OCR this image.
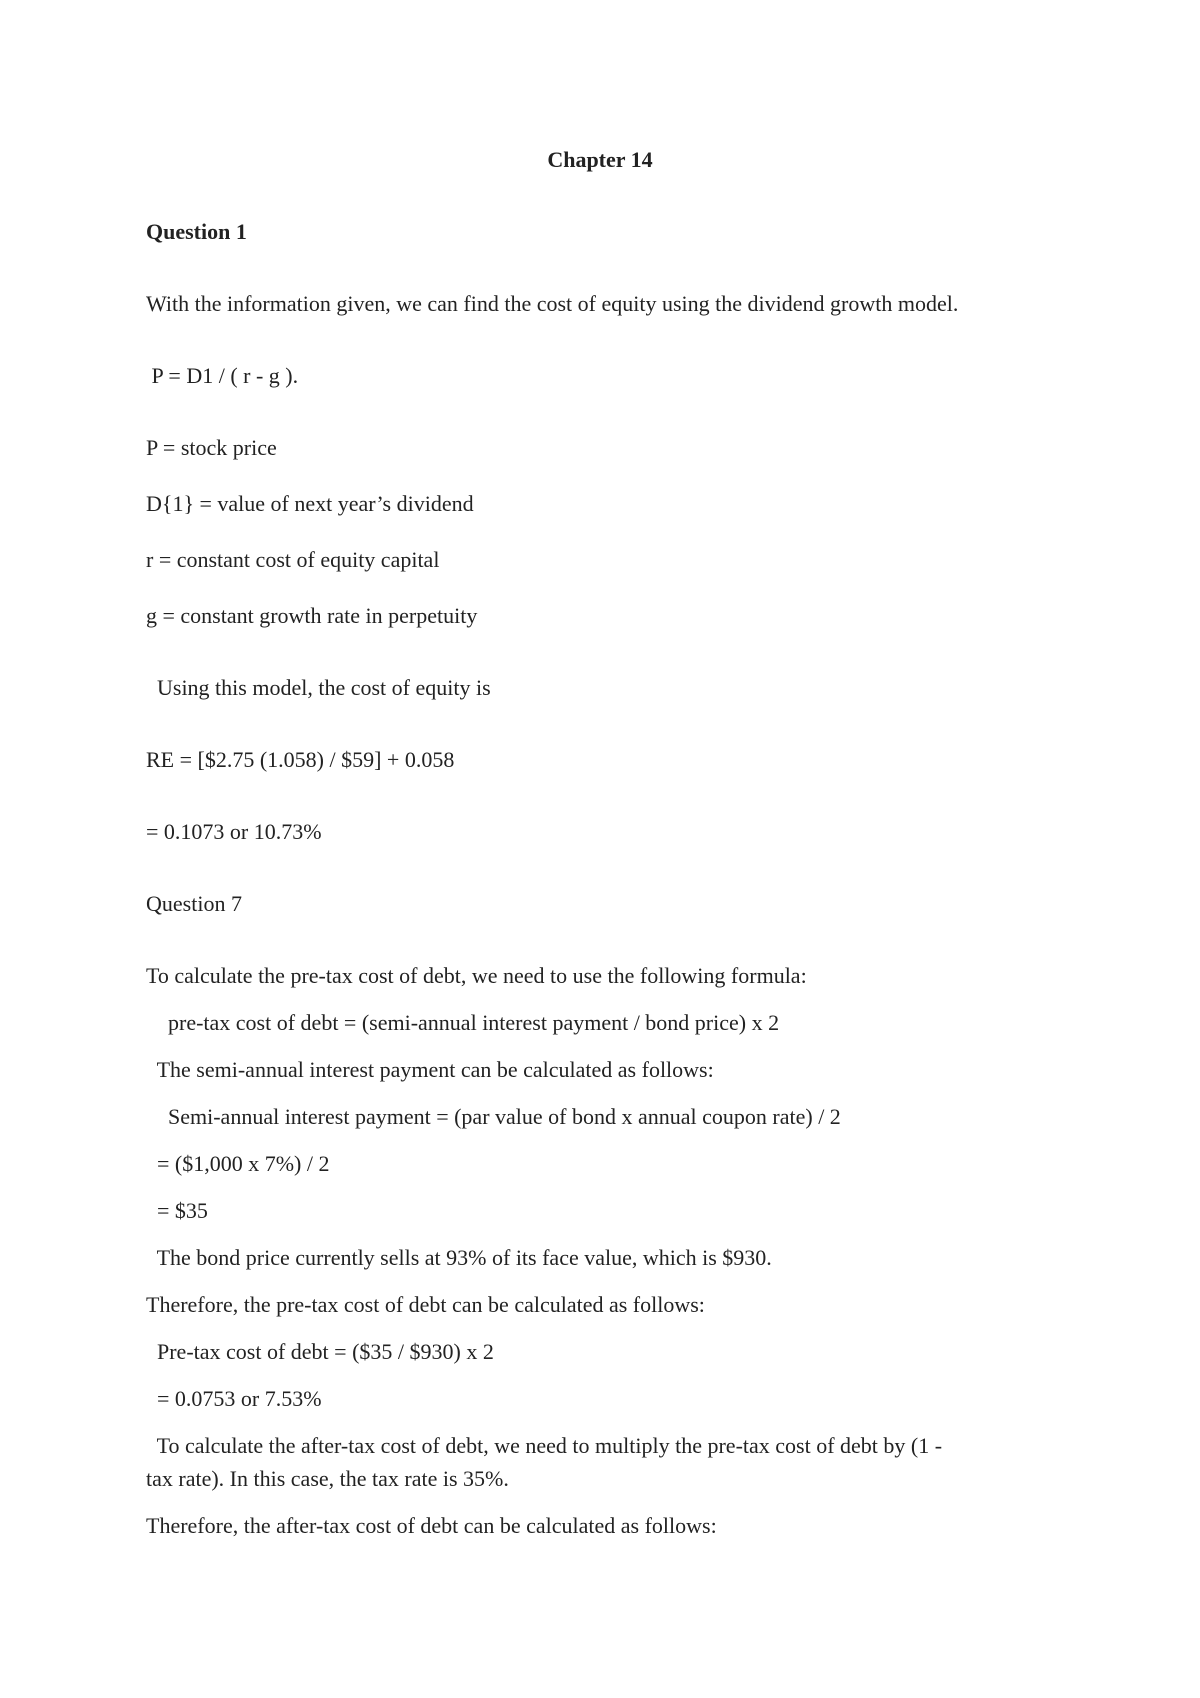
Chapter 14

Question 1

With the information given, we can find the cost of equity using the dividend growth model.

P = D1 / ( r - g ).

P = stock price

D{1} = value of next year’s dividend

r = constant cost of equity capital

g = constant growth rate in perpetuity

Using this model, the cost of equity is

RE = [$2.75 (1.058) / $59] + 0.058

= 0.1073 or 10.73%

Question 7

To calculate the pre-tax cost of debt, we need to use the following formula:

pre-tax cost of debt = (semi-annual interest payment / bond price) x 2

The semi-annual interest payment can be calculated as follows:

Semi-annual interest payment = (par value of bond x annual coupon rate) / 2

= ($1,000 x 7%) / 2

= $35

The bond price currently sells at 93% of its face value, which is $930.

Therefore, the pre-tax cost of debt can be calculated as follows:

Pre-tax cost of debt = ($35 / $930) x 2

= 0.0753 or 7.53%

To calculate the after-tax cost of debt, we need to multiply the pre-tax cost of debt by (1 -

tax rate). In this case, the tax rate is 35%.

Therefore, the after-tax cost of debt can be calculated as follows:
